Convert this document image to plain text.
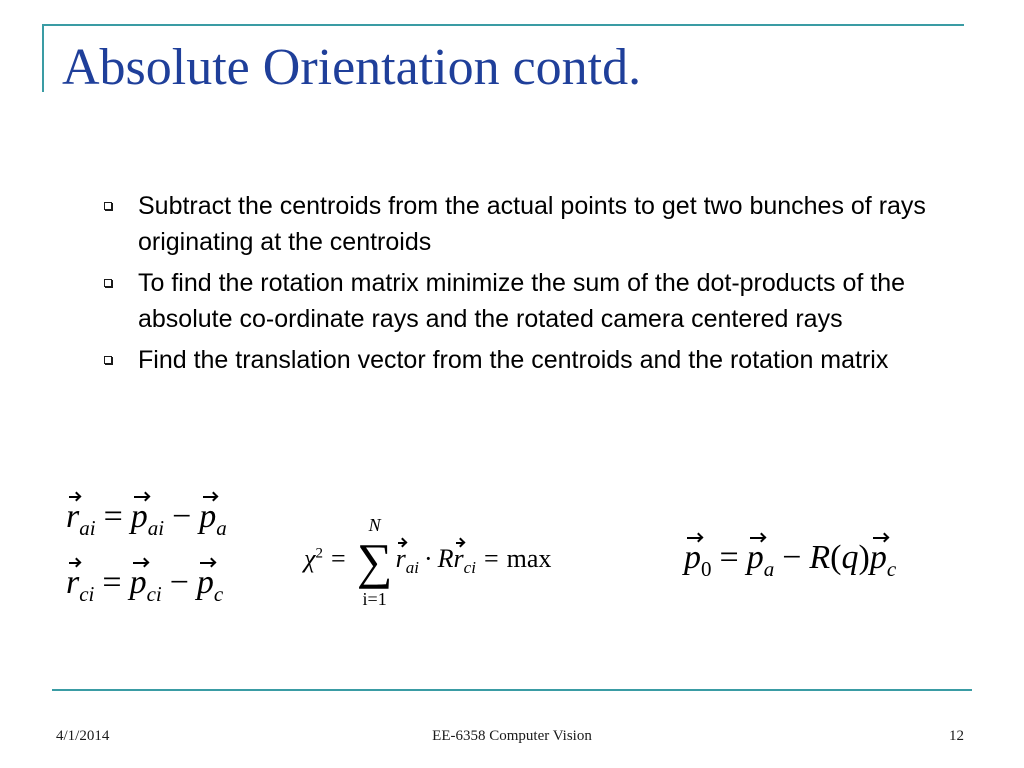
Absolute Orientation contd.
Subtract the centroids from the actual points to get two bunches of rays originating at the centroids
To find the rotation matrix minimize the sum of the dot-products of the absolute co-ordinate rays and the rotated camera centered rays
Find the translation vector from the centroids and the rotation matrix
$r_{ai} = p_{ai} - p_a$
$r_{ci} = p_{ci} - p_c$
$\chi^2$ =
N
∑
i=1
$r_{ai} \cdot Rr_{ci} = \max$	$p_0 = p_a - R(q)p_c$
4/1/2014	EE-6358 Computer Vision	12
